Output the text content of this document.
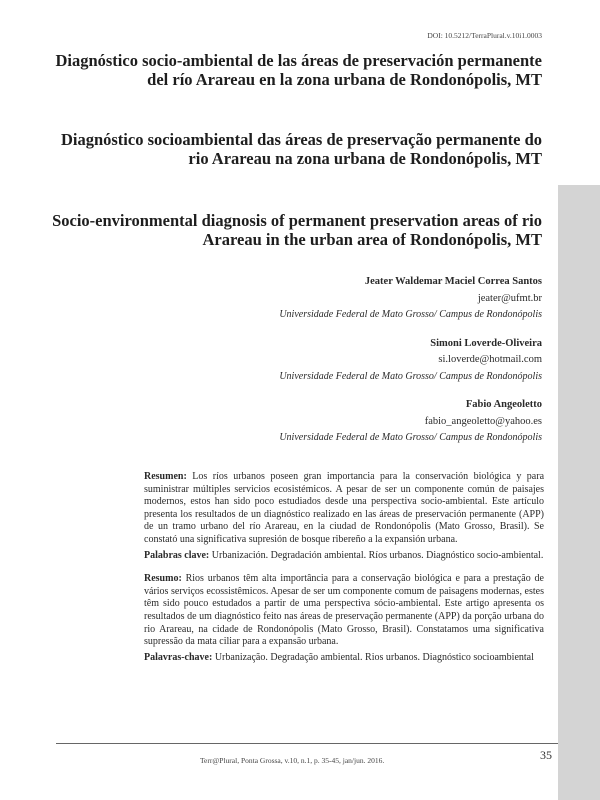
DOI: 10.5212/TerraPlural.v.10i1.0003
Diagnóstico socio-ambiental de las áreas de preservación permanente del río Arareau en la zona urbana de Rondonópolis, MT
Diagnóstico socioambiental das áreas de preservação permanente do rio Arareau na zona urbana de Rondonópolis, MT
Socio-environmental diagnosis of permanent preservation areas of rio Arareau in the urban area of Rondonópolis, MT
Jeater Waldemar Maciel Correa Santos
jeater@ufmt.br
Universidade Federal de Mato Grosso/ Campus de Rondonópolis
Simoni Loverde-Oliveira
si.loverde@hotmail.com
Universidade Federal de Mato Grosso/ Campus de Rondonópolis
Fabio Angeoletto
fabio_angeoletto@yahoo.es
Universidade Federal de Mato Grosso/ Campus de Rondonópolis

Resumen: Los ríos urbanos poseen gran importancia para la conservación biológica y para suministrar múltiples servicios ecosistémicos. A pesar de ser un componente común de paisajes modernos, estos han sido poco estudiados desde una perspectiva socio-ambiental. Este artículo presenta los resultados de un diagnóstico realizado en las áreas de preservación permanente (APP) de un tramo urbano del río Arareau, en la ciudad de Rondonópolis (Mato Grosso, Brasil). Se constató una significativa supresión de bosque ribereño a la expansión urbana.

Palabras clave: Urbanización. Degradación ambiental. Ríos urbanos. Diagnóstico socio-ambiental.

Resumo: Rios urbanos têm alta importância para a conservação biológica e para a prestação de vários serviços ecossistêmicos. Apesar de ser um componente comum de paisagens modernas, estes têm sido pouco estudados a partir de uma perspectiva sócio-ambiental. Este artigo apresenta os resultados de um diagnóstico feito nas áreas de preservação permanente (APP) da porção urbana do rio Arareau, na cidade de Rondonópolis (Mato Grosso, Brasil). Constatamos uma significativa supressão da mata ciliar para a expansão urbana.

Palavras-chave: Urbanização. Degradação ambiental. Rios urbanos. Diagnóstico socioambiental

Terr@Plural, Ponta Grossa, v.10, n.1, p. 35-45, jan/jun. 2016.	35
